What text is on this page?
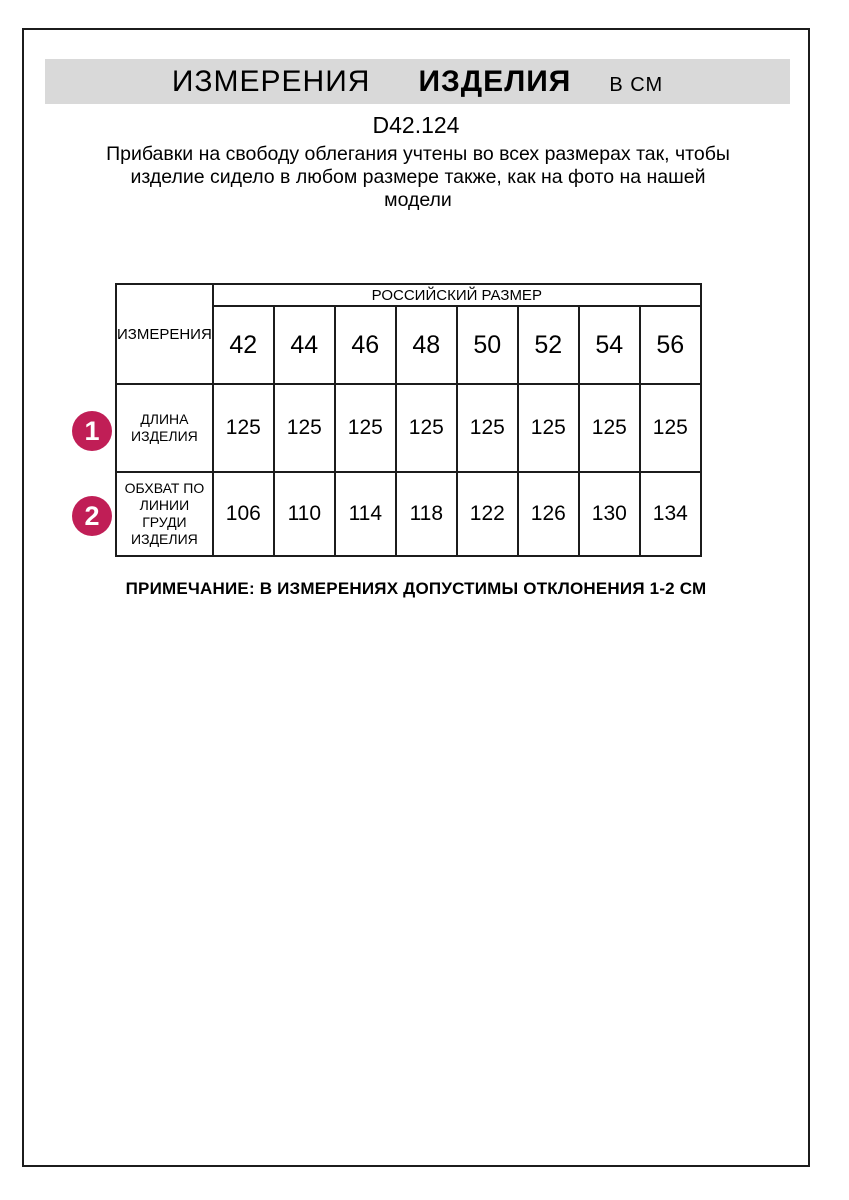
ИЗМЕРЕНИЯ ИЗДЕЛИЯ В СМ
D42.124
Прибавки на свободу облегания учтены во всех размерах так, чтобы изделие сидело в любом размере также, как на фото на нашей модели
ИЗМЕРЕНИЯ	РОССИЙСКИЙ РАЗМЕР							
	42	44	46	48	50	52	54	56
ДЛИНА ИЗДЕЛИЯ	125	125	125	125	125	125	125	125
ОБХВАТ ПО ЛИНИИ ГРУДИ ИЗДЕЛИЯ	106	110	114	118	122	126	130	134
1
2
ПРИМЕЧАНИЕ: В ИЗМЕРЕНИЯХ ДОПУСТИМЫ ОТКЛОНЕНИЯ 1-2 СМ
